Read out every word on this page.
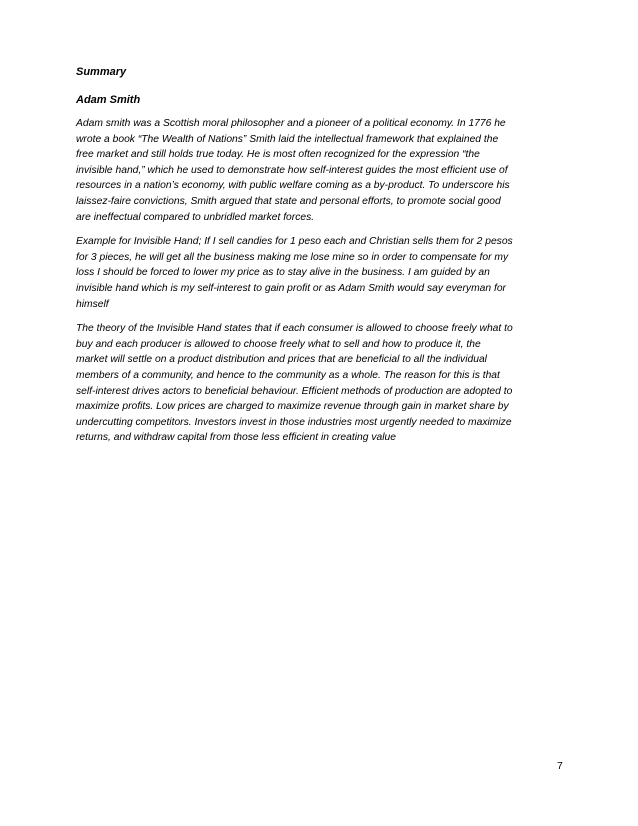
Summary

Adam Smith

Adam smith was a Scottish moral philosopher and a pioneer of a political economy. In 1776 he
wrote a book “The Wealth of Nations” Smith laid the intellectual framework that explained the
free market and still holds true today. He is most often recognized for the expression “the
invisible hand,” which he used to demonstrate how self-interest guides the most efficient use of
resources in a nation’s economy, with public welfare coming as a by-product. To underscore his
laissez-faire convictions, Smith argued that state and personal efforts, to promote social good
are ineffectual compared to unbridled market forces.

Example for Invisible Hand; If I sell candies for 1 peso each and Christian sells them for 2 pesos
for 3 pieces, he will get all the business making me lose mine so in order to compensate for my
loss I should be forced to lower my price as to stay alive in the business. I am guided by an
invisible hand which is my self-interest to gain profit or as Adam Smith would say everyman for
himself

The theory of the Invisible Hand states that if each consumer is allowed to choose freely what to
buy and each producer is allowed to choose freely what to sell and how to produce it, the
market will settle on a product distribution and prices that are beneficial to all the individual
members of a community, and hence to the community as a whole. The reason for this is that
self-interest drives actors to beneficial behaviour. Efficient methods of production are adopted to
maximize profits. Low prices are charged to maximize revenue through gain in market share by
undercutting competitors. Investors invest in those industries most urgently needed to maximize
returns, and withdraw capital from those less efficient in creating value

7
